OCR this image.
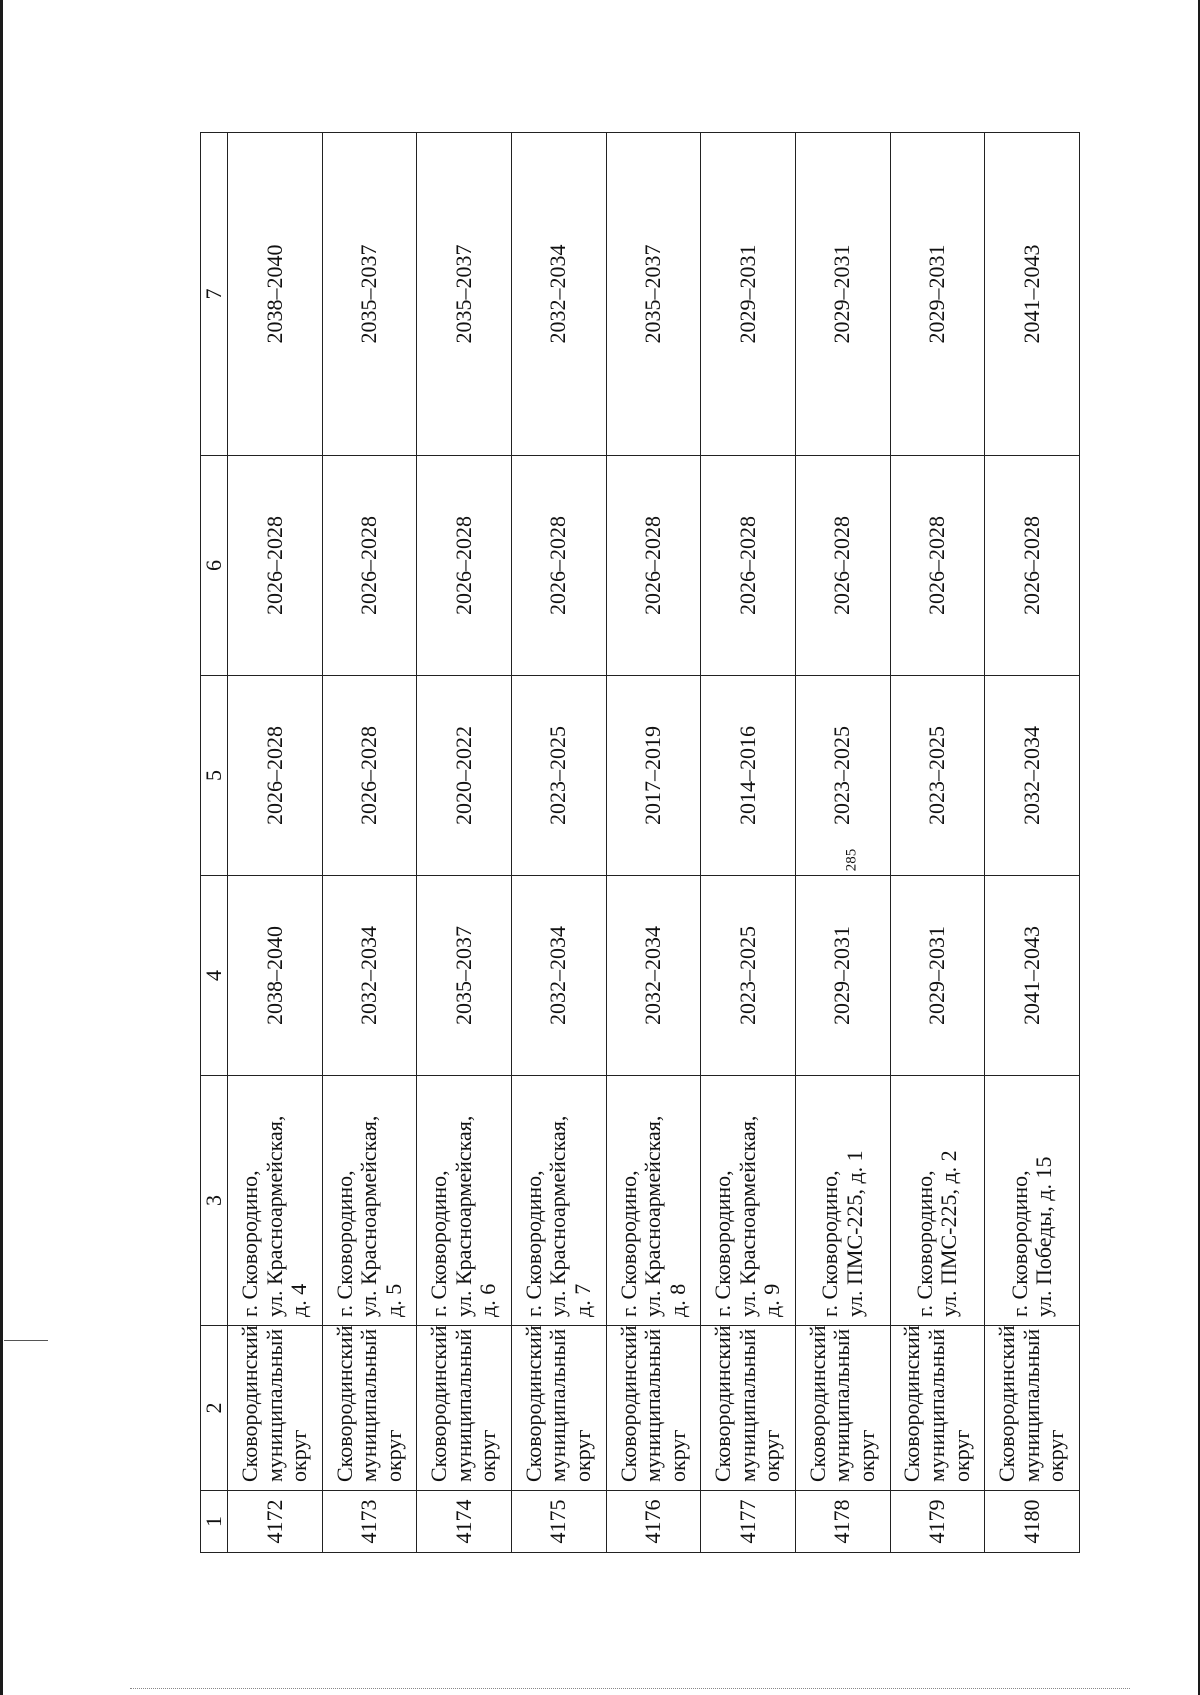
285
1	2	3	4	5	6	7
4172	Сковородинский муниципальный округ	г. Сковородино,
ул. Красноармейская,
д. 4	2038–2040	2026–2028	2026–2028	2038–2040
4173	Сковородинский муниципальный округ	г. Сковородино,
ул. Красноармейская,
д. 5	2032–2034	2026–2028	2026–2028	2035–2037
4174	Сковородинский муниципальный округ	г. Сковородино,
ул. Красноармейская,
д. 6	2035–2037	2020–2022	2026–2028	2035–2037
4175	Сковородинский муниципальный округ	г. Сковородино,
ул. Красноармейская,
д. 7	2032–2034	2023–2025	2026–2028	2032–2034
4176	Сковородинский муниципальный округ	г. Сковородино,
ул. Красноармейская,
д. 8	2032–2034	2017–2019	2026–2028	2035–2037
4177	Сковородинский муниципальный округ	г. Сковородино,
ул. Красноармейская,
д. 9	2023–2025	2014–2016	2026–2028	2029–2031
4178	Сковородинский муниципальный округ	г. Сковородино,
ул. ПМС-225, д. 1	2029–2031	2023–2025	2026–2028	2029–2031
4179	Сковородинский муниципальный округ	г. Сковородино,
ул. ПМС-225, д. 2	2029–2031	2023–2025	2026–2028	2029–2031
4180	Сковородинский муниципальный округ	г. Сковородино,
ул. Победы, д. 15	2041–2043	2032–2034	2026–2028	2041–2043
